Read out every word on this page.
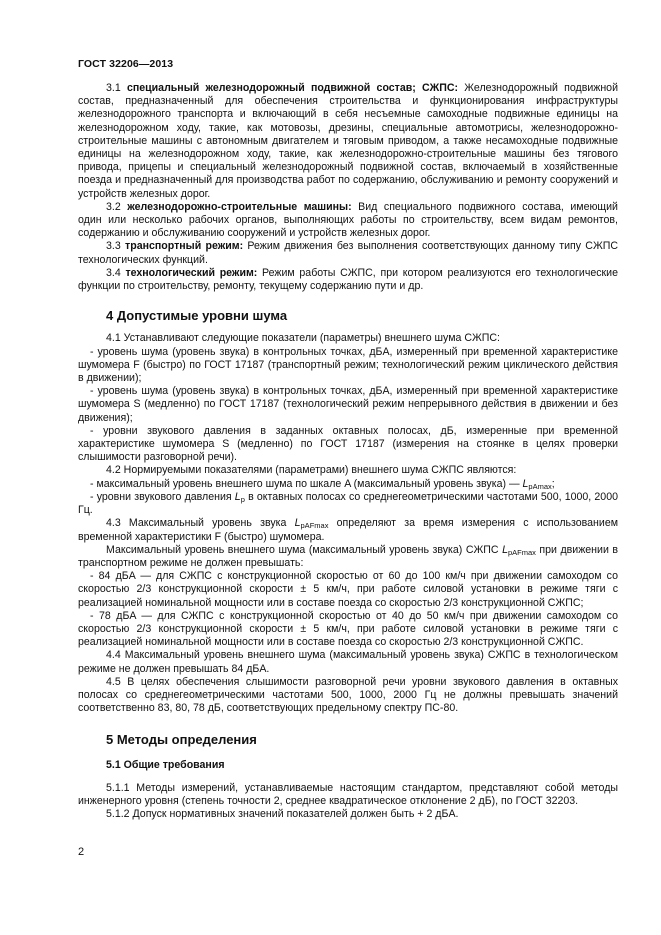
ГОСТ 32206—2013

3.1 специальный железнодорожный подвижной состав; СЖПС: Железнодорожный подвижной состав, предназначенный для обеспечения строительства и функционирования инфраструктуры железнодорожного транспорта и включающий в себя несъемные самоходные подвижные единицы на железнодорожном ходу, такие, как мотовозы, дрезины, специальные автомотрисы, железнодорожно-строительные машины с автономным двигателем и тяговым приводом, а также несамоходные подвижные единицы на железнодорожном ходу, такие, как железнодорожно-строительные машины без тягового привода, прицепы и специальный железнодорожный подвижной состав, включаемый в хозяйственные поезда и предназначенный для производства работ по содержанию, обслуживанию и ремонту сооружений и устройств железных дорог.

3.2 железнодорожно-строительные машины: Вид специального подвижного состава, имеющий один или несколько рабочих органов, выполняющих работы по строительству, всем видам ремонтов, содержанию и обслуживанию сооружений и устройств железных дорог.

3.3 транспортный режим: Режим движения без выполнения соответствующих данному типу СЖПС технологических функций.

3.4 технологический режим: Режим работы СЖПС, при котором реализуются его технологические функции по строительству, ремонту, текущему содержанию пути и др.

4 Допустимые уровни шума

4.1 Устанавливают следующие показатели (параметры) внешнего шума СЖПС:

- уровень шума (уровень звука) в контрольных точках, дБA, измеренный при временной характеристике шумомера F (быстро) по ГОСТ 17187 (транспортный режим; технологический режим циклического действия в движении);

- уровень шума (уровень звука) в контрольных точках, дБA, измеренный при временной характеристике шумомера S (медленно) по ГОСТ 17187 (технологический режим непрерывного действия в движении и без движения);

- уровни звукового давления в заданных октавных полосах, дБ, измеренные при временной характеристике шумомера S (медленно) по ГОСТ 17187 (измерения на стоянке в целях проверки слышимости разговорной речи).

4.2 Нормируемыми показателями (параметрами) внешнего шума СЖПС являются:

- максимальный уровень внешнего шума по шкале A (максимальный уровень звука) — $L_{pAmax}$;

- уровни звукового давления $L_p$ в октавных полосах со среднегеометрическими частотами 500, 1000, 2000 Гц.

4.3 Максимальный уровень звука $L_{pAFmax}$ определяют за время измерения с использованием временной характеристики F (быстро) шумомера.

Максимальный уровень внешнего шума (максимальный уровень звука) СЖПС $L_{pAFmax}$ при движении в транспортном режиме не должен превышать:

- 84 дБA — для СЖПС с конструкционной скоростью от 60 до 100 км/ч при движении самоходом со скоростью 2/3 конструкционной скорости ± 5 км/ч, при работе силовой установки в режиме тяги с реализацией номинальной мощности или в составе поезда со скоростью 2/3 конструкционной СЖПС;

- 78 дБA — для СЖПС с конструкционной скоростью от 40 до 50 км/ч при движении самоходом со скоростью 2/3 конструкционной скорости ± 5 км/ч, при работе силовой установки в режиме тяги с реализацией номинальной мощности или в составе поезда со скоростью 2/3 конструкционной СЖПС.

4.4 Максимальный уровень внешнего шума (максимальный уровень звука) СЖПС в технологическом режиме не должен превышать 84 дБA.

4.5 В целях обеспечения слышимости разговорной речи уровни звукового давления в октавных полосах со среднегеометрическими частотами 500, 1000, 2000 Гц не должны превышать значений соответственно 83, 80, 78 дБ, соответствующих предельному спектру ПС-80.

5 Методы определения
5.1 Общие требования

5.1.1 Методы измерений, устанавливаемые настоящим стандартом, представляют собой методы инженерного уровня (степень точности 2, среднее квадратическое отклонение 2 дБ), по ГОСТ 32203.

5.1.2 Допуск нормативных значений показателей должен быть + 2 дБA.

2
